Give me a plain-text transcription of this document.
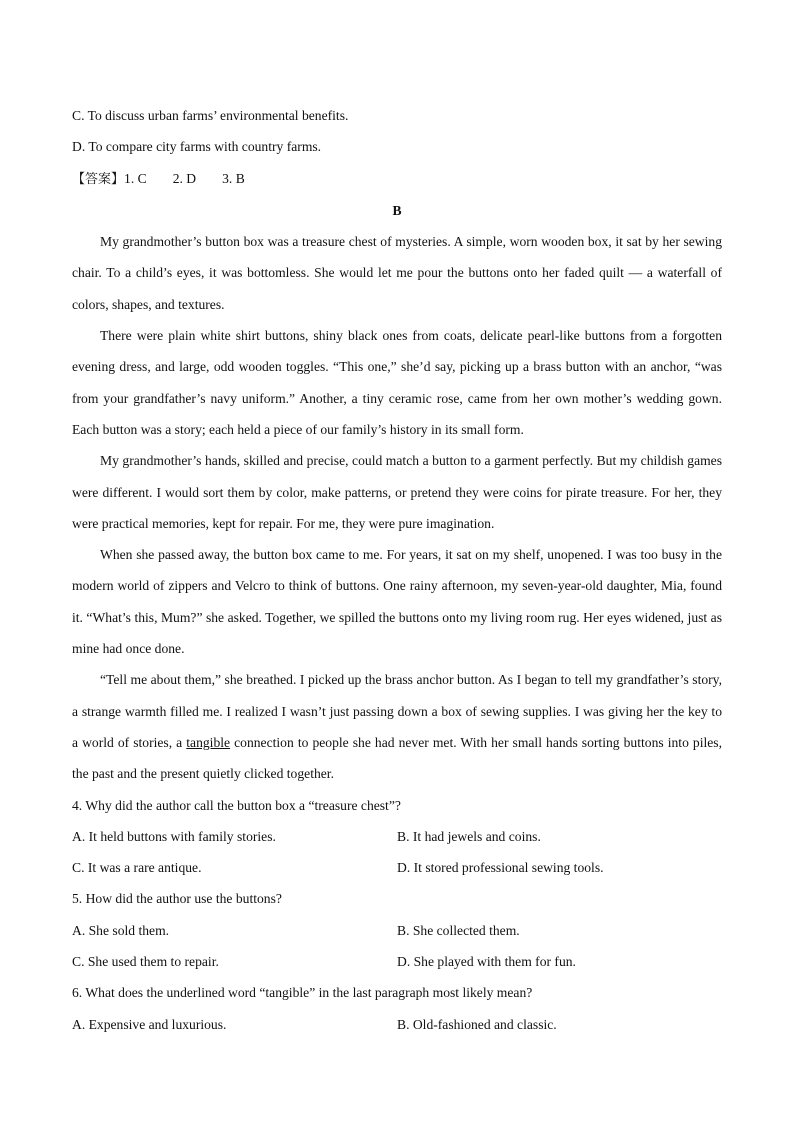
C. To discuss urban farms’ environmental benefits.

D. To compare city farms with country farms.

【答案】1. C 2. D 3. B

B

My grandmother’s button box was a treasure chest of mysteries. A simple, worn wooden box, it sat by her sewing chair. To a child’s eyes, it was bottomless. She would let me pour the buttons onto her faded quilt — a waterfall of colors, shapes, and textures.

There were plain white shirt buttons, shiny black ones from coats, delicate pearl-like buttons from a forgotten evening dress, and large, odd wooden toggles. “This one,” she’d say, picking up a brass button with an anchor, “was from your grandfather’s navy uniform.” Another, a tiny ceramic rose, came from her own mother’s wedding gown. Each button was a story; each held a piece of our family’s history in its small form.

My grandmother’s hands, skilled and precise, could match a button to a garment perfectly. But my childish games were different. I would sort them by color, make patterns, or pretend they were coins for pirate treasure. For her, they were practical memories, kept for repair. For me, they were pure imagination.

When she passed away, the button box came to me. For years, it sat on my shelf, unopened. I was too busy in the modern world of zippers and Velcro to think of buttons. One rainy afternoon, my seven-year-old daughter, Mia, found it. “What’s this, Mum?” she asked. Together, we spilled the buttons onto my living room rug. Her eyes widened, just as mine had once done.

“Tell me about them,” she breathed. I picked up the brass anchor button. As I began to tell my grandfather’s story, a strange warmth filled me. I realized I wasn’t just passing down a box of sewing supplies. I was giving her the key to a world of stories, a tangible connection to people she had never met. With her small hands sorting buttons into piles, the past and the present quietly clicked together.

4. Why did the author call the button box a “treasure chest”?

A. It held buttons with family stories.	B. It had jewels and coins.
C. It was a rare antique.	D. It stored professional sewing tools.

5. How did the author use the buttons?

A. She sold them.	B. She collected them.
C. She used them to repair.	D. She played with them for fun.

6. What does the underlined word “tangible” in the last paragraph most likely mean?

A. Expensive and luxurious.	B. Old-fashioned and classic.
